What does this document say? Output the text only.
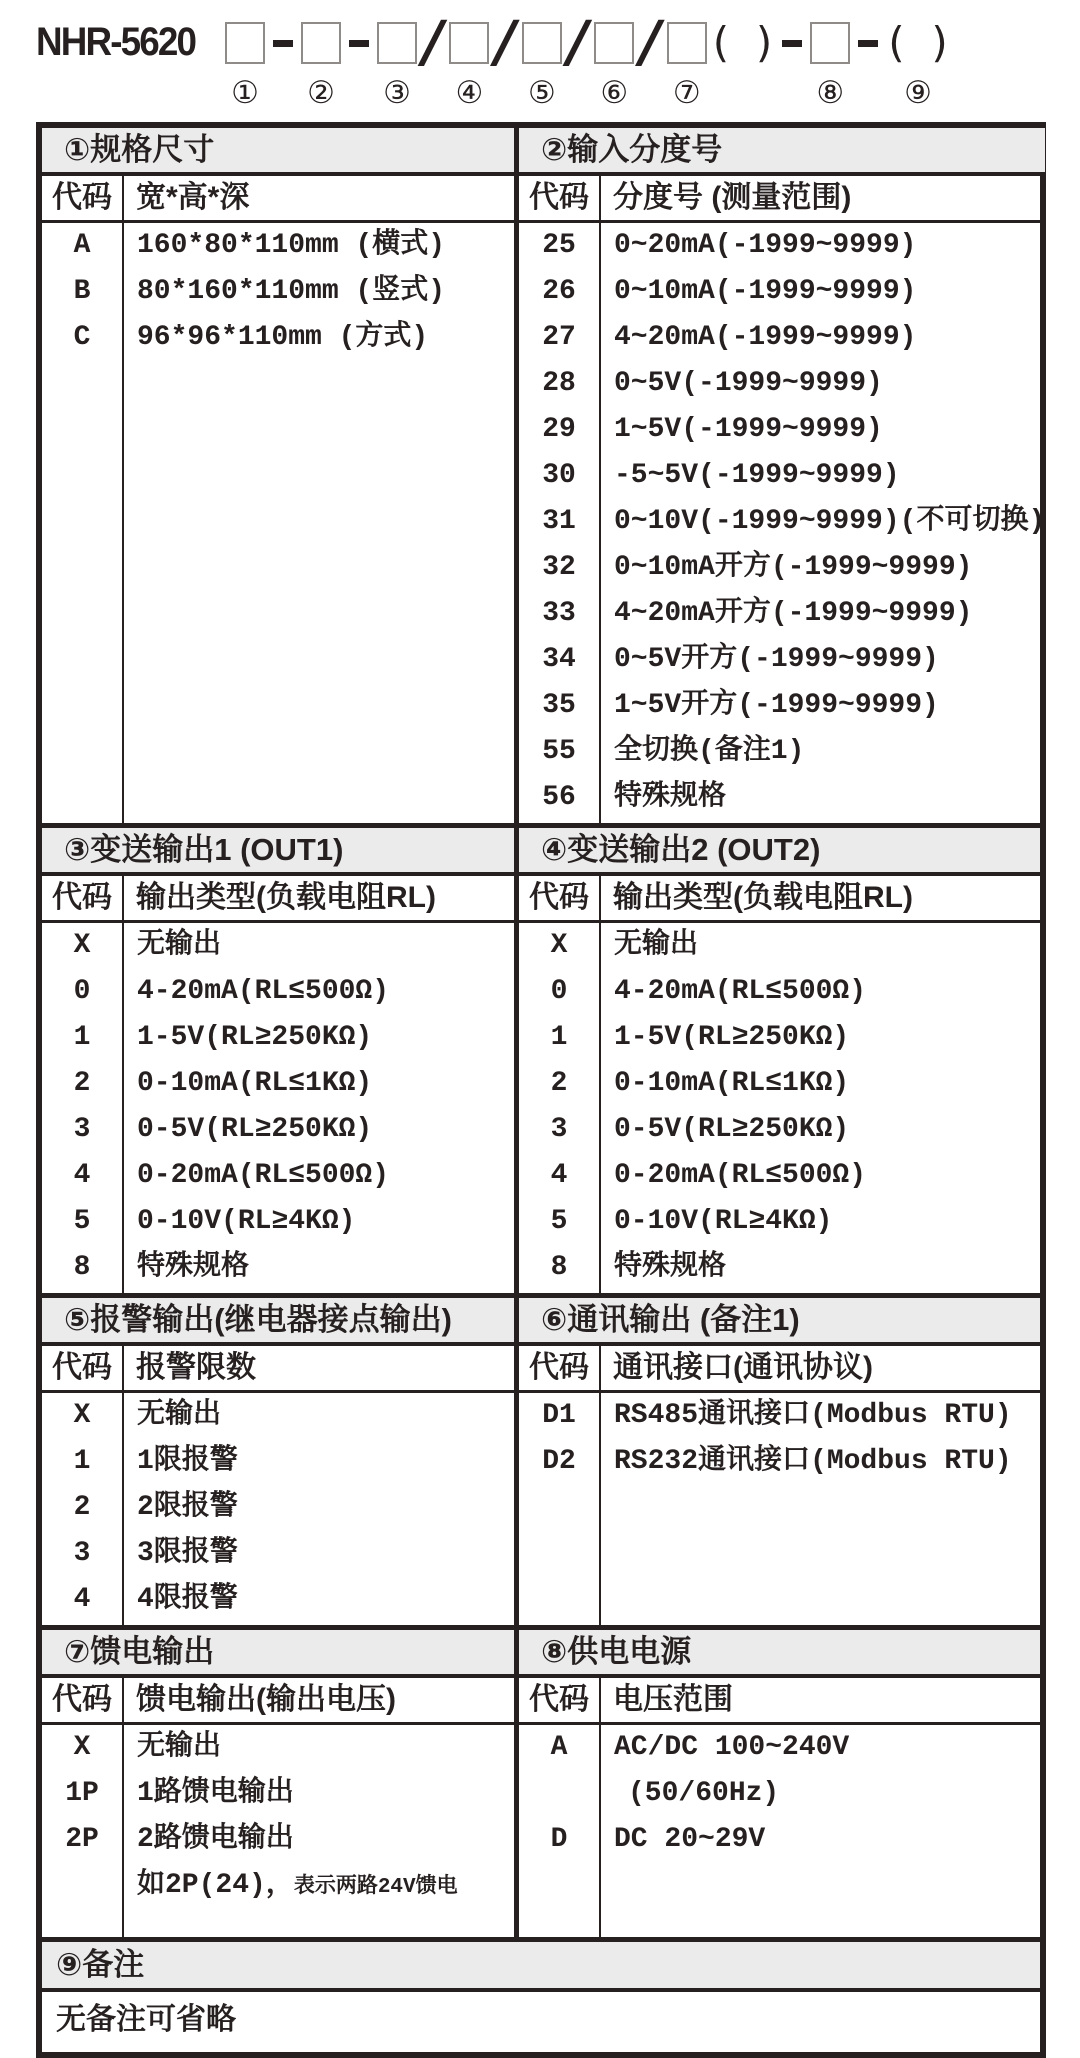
NHR-5620
① ② ③
/
④
/
⑤
/
⑥
/
⑦
(  )
⑧
(  )
⑨
①规格尺寸
代码 宽*高*深
A	160*80*110mm (横式)
B	80*160*110mm (竖式)
C	96*96*110mm (方式)
②输入分度号
代码 分度号 (测量范围)
25	0~20mA(-1999~9999)
26	0~10mA(-1999~9999)
27	4~20mA(-1999~9999)
28	0~5V(-1999~9999)
29	1~5V(-1999~9999)
30	-5~5V(-1999~9999)
31	0~10V(-1999~9999)(不可切换)
32	0~10mA开方(-1999~9999)
33	4~20mA开方(-1999~9999)
34	0~5V开方(-1999~9999)
35	1~5V开方(-1999~9999)
55	全切换(备注1)
56	特殊规格
③变送输出1 (OUT1)
代码 输出类型(负载电阻RL)
X	无输出
0	4-20mA(RL≤500Ω)
1	1-5V(RL≥250KΩ)
2	0-10mA(RL≤1KΩ)
3	0-5V(RL≥250KΩ)
4	0-20mA(RL≤500Ω)
5	0-10V(RL≥4KΩ)
8	特殊规格
④变送输出2 (OUT2)
代码 输出类型(负载电阻RL)
X	无输出
0	4-20mA(RL≤500Ω)
1	1-5V(RL≥250KΩ)
2	0-10mA(RL≤1KΩ)
3	0-5V(RL≥250KΩ)
4	0-20mA(RL≤500Ω)
5	0-10V(RL≥4KΩ)
8	特殊规格
⑤报警输出(继电器接点输出)
代码 报警限数
X	无输出
1	1限报警
2	2限报警
3	3限报警
4	4限报警
⑥通讯输出 (备注1)
代码 通讯接口(通讯协议)
D1	RS485通讯接口(Modbus RTU)
D2	RS232通讯接口(Modbus RTU)
⑦馈电输出
代码 馈电输出(输出电压)
X	无输出
1P	1路馈电输出
2P	2路馈电输出
如2P(24)，表示两路24V馈电
⑧供电电源
代码 电压范围
A	AC/DC 100~240V
(50/60Hz)
D	DC 20~29V
⑨备注
无备注可省略
